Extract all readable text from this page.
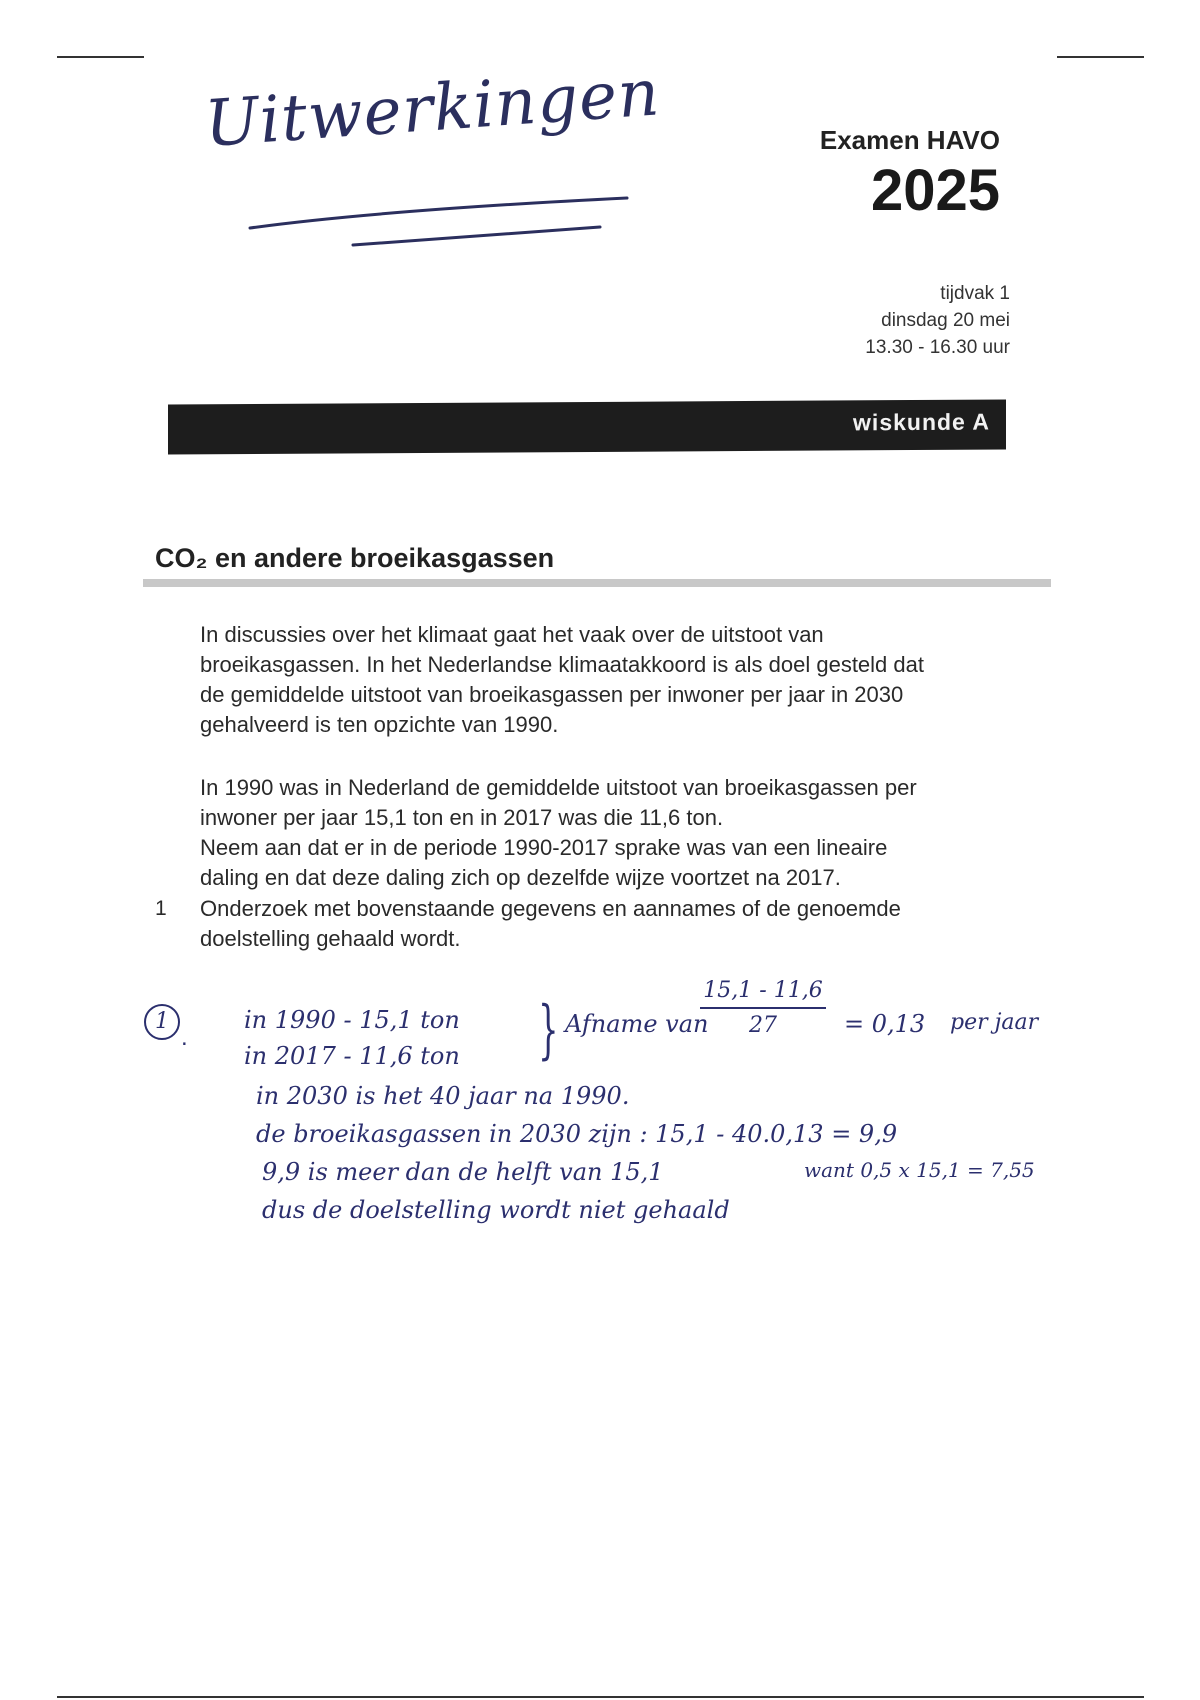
Uitwerkingen	Examen HAVO
2025
tijdvak 1
dinsdag 20 mei
13.30 - 16.30 uur
wiskunde A
CO₂ en andere broeikasgassen

In discussies over het klimaat gaat het vaak over de uitstoot van
broeikasgassen. In het Nederlandse klimaatakkoord is als doel gesteld dat
de gemiddelde uitstoot van broeikasgassen per inwoner per jaar in 2030
gehalveerd is ten opzichte van 1990.

In 1990 was in Nederland de gemiddelde uitstoot van broeikasgassen per
inwoner per jaar 15,1 ton en in 2017 was die 11,6 ton.
Neem aan dat er in de periode 1990-2017 sprake was van een lineaire
daling en dat deze daling zich op dezelfde wijze voortzet na 2017.

1 Onderzoek met bovenstaande gegevens en aannames of de genoemde
doelstelling gehaald wordt.

1
.
in 1990 - 15,1 ton
in 2017 - 11,6 ton } Afname van
$\frac{15,1 - 11,6}{27} = 0,13$ per jaar
in 2030 is het 40 jaar na 1990.
de broeikasgassen in 2030 zijn : 15,1 - 40.0,13 = 9,9
9,9 is meer dan de helft van 15,1	want 0,5 x 15,1 = 7,55
dus de doelstelling wordt niet gehaald
